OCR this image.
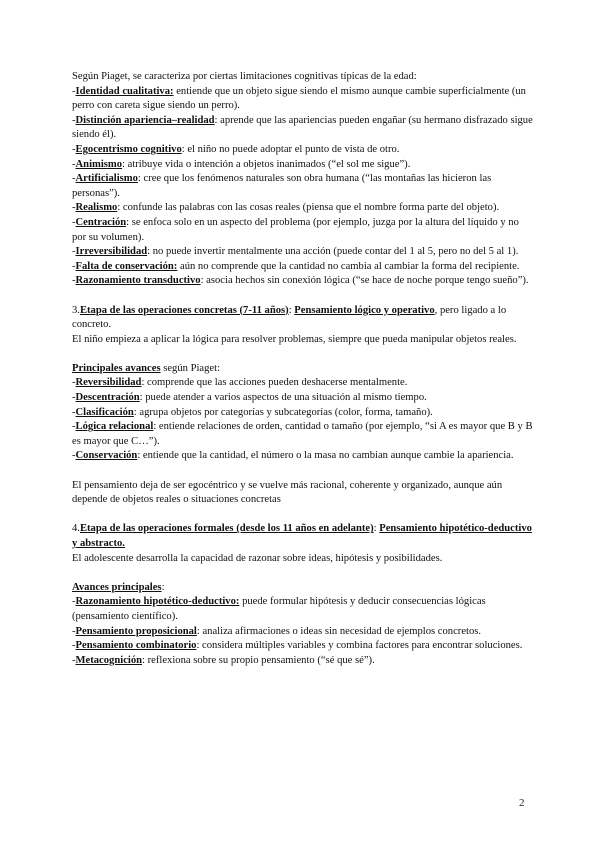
Según Piaget, se caracteriza por ciertas limitaciones cognitivas típicas de la edad:

-Identidad cualitativa: entiende que un objeto sigue siendo el mismo aunque cambie superficialmente (un perro con careta sigue siendo un perro).

-Distinción apariencia–realidad: aprende que las apariencias pueden engañar (su hermano disfrazado sigue siendo él).

-Egocentrismo cognitivo: el niño no puede adoptar el punto de vista de otro.

-Animismo: atribuye vida o intención a objetos inanimados (“el sol me sigue”).

-Artificialismo: cree que los fenómenos naturales son obra humana (“las montañas las hicieron las personas”).

-Realismo: confunde las palabras con las cosas reales (piensa que el nombre forma parte del objeto).

-Centración: se enfoca solo en un aspecto del problema (por ejemplo, juzga por la altura del líquido y no por su volumen).

-Irreversibilidad: no puede invertir mentalmente una acción (puede contar del 1 al 5, pero no del 5 al 1).

-Falta de conservación: aún no comprende que la cantidad no cambia al cambiar la forma del recipiente.

-Razonamiento transductivo: asocia hechos sin conexión lógica (“se hace de noche porque tengo sueño”).

3.Etapa de las operaciones concretas (7-11 años): Pensamiento lógico y operativo, pero ligado a lo concreto.

El niño empieza a aplicar la lógica para resolver problemas, siempre que pueda manipular objetos reales.

Principales avances según Piaget:

-Reversibilidad: comprende que las acciones pueden deshacerse mentalmente.

-Descentración: puede atender a varios aspectos de una situación al mismo tiempo.

-Clasificación: agrupa objetos por categorías y subcategorías (color, forma, tamaño).

-Lógica relacional: entiende relaciones de orden, cantidad o tamaño (por ejemplo, “si A es mayor que B y B es mayor que C…”).

-Conservación: entiende que la cantidad, el número o la masa no cambian aunque cambie la apariencia.

El pensamiento deja de ser egocéntrico y se vuelve más racional, coherente y organizado, aunque aún depende de objetos reales o situaciones concretas

4.Etapa de las operaciones formales (desde los 11 años en adelante): Pensamiento hipotético-deductivo y abstracto.

El adolescente desarrolla la capacidad de razonar sobre ideas, hipótesis y posibilidades.

Avances principales:

-Razonamiento hipotético-deductivo: puede formular hipótesis y deducir consecuencias lógicas (pensamiento científico).

-Pensamiento proposicional: analiza afirmaciones o ideas sin necesidad de ejemplos concretos.

-Pensamiento combinatorio: considera múltiples variables y combina factores para encontrar soluciones.

-Metacognición: reflexiona sobre su propio pensamiento (“sé que sé”).

2
